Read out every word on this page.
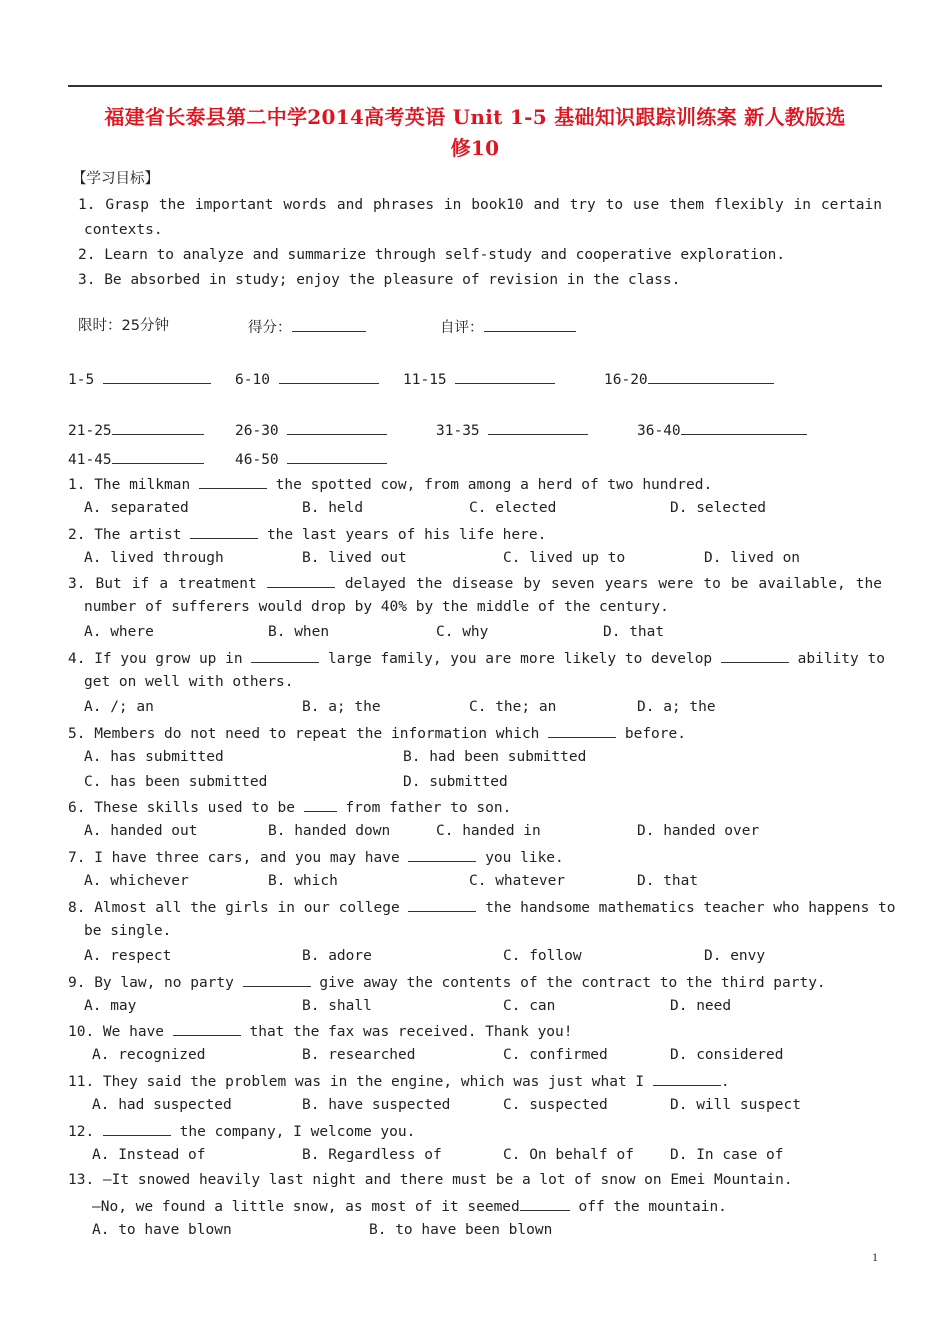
福建省长泰县第二中学2014高考英语 Unit 1-5 基础知识跟踪训练案 新人教版选
修10
【学习目标】
1. Grasp the important words and phrases in book10 and try to use them flexibly in certain
contexts.
2. Learn to analyze and summarize through self-study and cooperative exploration.
3. Be absorbed in study; enjoy the pleasure of revision in the class.
限时：25分钟	得分：	自评：
1-5	6-10	11-15	16-20
21-25	26-30	31-35	36-40
41-45	46-50
1. The milkman	the spotted cow, from among a herd of two hundred.
A. separated	B. held	C. elected	D. selected
2. The artist	the last years of his life here.
A. lived through	B. lived out	C. lived up to	D. lived on
3. But if a treatment	delayed the disease by seven years were to be available, the
number of sufferers would drop by 40% by the middle of the century.
A. where	B. when	C. why	D. that
4. If you grow up in	large family, you are more likely to develop	ability to
get on well with others.
A. /; an	B. a; the	C. the; an	D. a; the
5. Members do not need to repeat the information which	before.
A. has submitted	B. had been submitted
C. has been submitted	D. submitted
6. These skills used to be  from father to son.
A. handed out	B. handed down	C. handed in	D. handed over
7. I have three cars, and you may have	you like.
A. whichever	B. which	C. whatever	D. that
8. Almost all the girls in our college	the handsome mathematics teacher who happens to
be single.
A. respect	B. adore	C. follow	D. envy
9. By law, no party	give away the contents of the contract to the third party.
A. may	B. shall	C. can	D. need
10. We have	that the fax was received. Thank you!
A. recognized	B. researched	C. confirmed	D. considered
11. They said the problem was in the engine, which was just what I	.
A. had suspected	B. have suspected	C. suspected	D. will suspect
12.	the company, I welcome you.
A. Instead of	B. Regardless of	C. On behalf of D. In case of
13. —It snowed heavily last night and there must be a lot of snow on Emei Mountain.
—No, we found a little snow, as most of it seemed	off the mountain.
A. to have blown	B. to have been blown
1
